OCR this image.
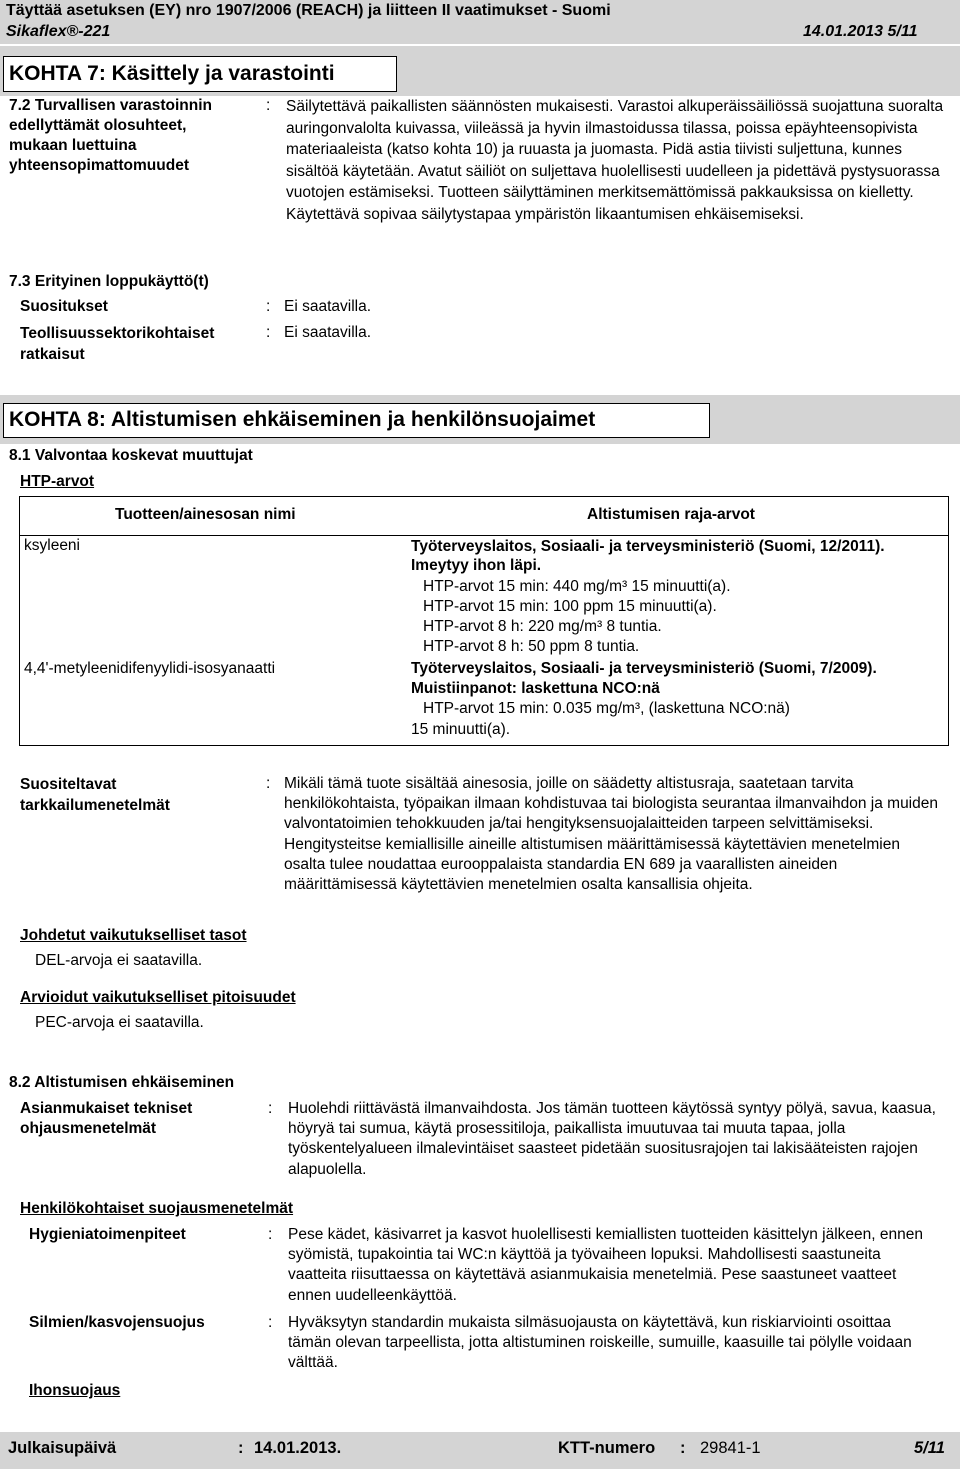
Täyttää asetuksen (EY) nro 1907/2006 (REACH) ja liitteen II vaatimukset - Suomi
Sikaflex®-221	14.01.2013 5/11
KOHTA 7: Käsittely ja varastointi
7.2 Turvallisen varastoinnin edellyttämät olosuhteet, mukaan luettuina yhteensopimattomuudet
: Säilytettävä paikallisten säännösten mukaisesti. Varastoi alkuperäissäiliössä suojattuna suoralta auringonvalolta kuivassa, viileässä ja hyvin ilmastoidussa tilassa, poissa epäyhteensopivista materiaaleista (katso kohta 10) ja ruuasta ja juomasta. Pidä astia tiivisti suljettuna, kunnes sisältöä käytetään. Avatut säiliöt on suljettava huolellisesti uudelleen ja pidettävä pystysuorassa vuotojen estämiseksi. Tuotteen säilyttäminen merkitsemättömissä pakkauksissa on kielletty. Käytettävä sopivaa säilytystapaa ympäristön likaantumisen ehkäisemiseksi.
7.3 Erityinen loppukäyttö(t)
Suositukset	: Ei saatavilla.
Teollisuussektorikohtaiset ratkaisut
: Ei saatavilla.
KOHTA 8: Altistumisen ehkäiseminen ja henkilönsuojaimet
8.1 Valvontaa koskevat muuttujat
HTP-arvot
Tuotteen/ainesosan nimi	Altistumisen raja-arvot
ksyleeni	Työterveyslaitos, Sosiaali- ja terveysministeriö (Suomi, 12/2011). Imeytyy ihon läpi.
HTP-arvot 15 min: 440 mg/m³ 15 minuutti(a).
HTP-arvot 15 min: 100 ppm 15 minuutti(a).
HTP-arvot 8 h: 220 mg/m³ 8 tuntia.
HTP-arvot 8 h: 50 ppm 8 tuntia.
4,4'-metyleenidifenyylidi-isosyanaatti	Työterveyslaitos, Sosiaali- ja terveysministeriö (Suomi, 7/2009). Muistiinpanot: laskettuna NCO:nä
HTP-arvot 15 min: 0.035 mg/m³, (laskettuna NCO:nä)
15 minuutti(a).
Suositeltavat tarkkailumenetelmät
: Mikäli tämä tuote sisältää ainesosia, joille on säädetty altistusraja, saatetaan tarvita henkilökohtaista, työpaikan ilmaan kohdistuvaa tai biologista seurantaa ilmanvaihdon ja muiden valvontatoimien tehokkuuden ja/tai hengityksensuojalaitteiden tarpeen selvittämiseksi. Hengitysteitse kemiallisille aineille altistumisen määrittämisessä käytettävien menetelmien osalta tulee noudattaa eurooppalaista standardia EN 689 ja vaarallisten aineiden määrittämisessä käytettävien menetelmien osalta kansallisia ohjeita.
Johdetut vaikutukselliset tasot
DEL-arvoja ei saatavilla.
Arvioidut vaikutukselliset pitoisuudet
PEC-arvoja ei saatavilla.
8.2 Altistumisen ehkäiseminen
Asianmukaiset tekniset ohjausmenetelmät
: Huolehdi riittävästä ilmanvaihdosta. Jos tämän tuotteen käytössä syntyy pölyä, savua, kaasua, höyryä tai sumua, käytä prosessitiloja, paikallista imuutuvaa tai muuta tapaa, jolla työskentelyalueen ilmalevintäiset saasteet pidetään suositusrajojen tai lakisääteisten rajojen alapuolella.
Henkilökohtaiset suojausmenetelmät
Hygieniatoimenpiteet	: Pese kädet, käsivarret ja kasvot huolellisesti kemiallisten tuotteiden käsittelyn jälkeen, ennen syömistä, tupakointia tai WC:n käyttöä ja työvaiheen lopuksi. Mahdollisesti saastuneita vaatteita riisuttaessa on käytettävä asianmukaisia menetelmiä. Pese saastuneet vaatteet ennen uudelleenkäyttöä.
Silmien/kasvojensuojus	: Hyväksytyn standardin mukaista silmäsuojausta on käytettävä, kun riskiarviointi osoittaa tämän olevan tarpeellista, jotta altistuminen roiskeille, sumuille, kaasuille tai pölylle voidaan välttää.
Ihonsuojaus
Julkaisupäivä	: 14.01.2013.	KTT-numero : 29841-1	5/11
